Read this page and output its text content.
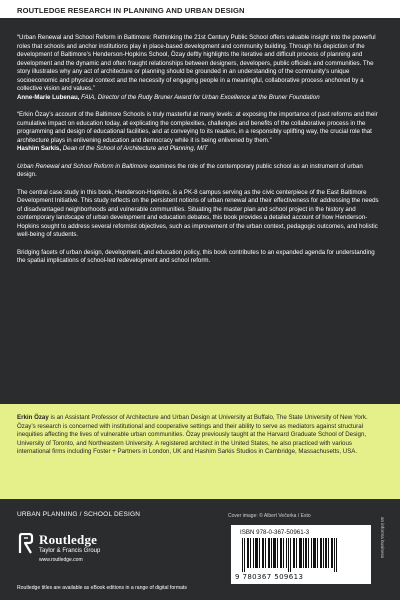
ROUTLEDGE RESEARCH IN PLANNING AND URBAN DESIGN

“Urban Renewal and School Reform in Baltimore: Rethinking the 21st Century Public School offers valuable insight into the powerful roles that schools and anchor institutions play in place-based development and community building. Through his depiction of the development of Baltimore’s Henderson-Hopkins School, Özay deftly highlights the iterative and difficult process of planning and development and the dynamic and often fraught relationships between designers, developers, public officials and communities. The story illustrates why any act of architecture or planning should be grounded in an understanding of the community’s unique socioeconomic and physical context and the necessity of engaging people in a meaningful, collaborative process anchored by a collective vision and values.”

Anne-Marie Lubenau, FAIA, Director of the Rudy Bruner Award for Urban Excellence at the Bruner Foundation

“Erkin Özay’s account of the Baltimore Schools is truly masterful at many levels: at exposing the importance of past reforms and their cumulative impact on education today, at explicating the complexities, challenges and benefits of the collaborative process in the programming and design of educational facilities, and at conveying to its readers, in a responsibly uplifting way, the crucial role that architecture plays in enlivening education and democracy while it is being enlivened by them.”

Hashim Sarkis, Dean of the School of Architecture and Planning, MIT

Urban Renewal and School Reform in Baltimore examines the role of the contemporary public school as an instrument of urban design.

The central case study in this book, Henderson-Hopkins, is a PK-8 campus serving as the civic centerpiece of the East Baltimore Development Initiative. This study reflects on the persistent notions of urban renewal and their effectiveness for addressing the needs of disadvantaged neighborhoods and vulnerable communities. Situating the master plan and school project in the history and contemporary landscape of urban development and education debates, this book provides a detailed account of how Henderson-Hopkins sought to address several reformist objectives, such as improvement of the urban context, pedagogic outcomes, and holistic well-being of students.

Bridging facets of urban design, development, and education policy, this book contributes to an expanded agenda for understanding the spatial implications of school-led redevelopment and school reform.

Erkin Özay is an Assistant Professor of Architecture and Urban Design at University at Buffalo, The State University of New York. Özay’s research is concerned with institutional and cooperative settings and their ability to serve as mediators against structural inequities affecting the lives of vulnerable urban communities. Özay previously taught at the Harvard Graduate School of Design, University of Toronto, and Northeastern University. A registered architect in the United States, he also practiced with various international firms including Foster + Partners in London, UK and Hashim Sarkis Studios in Cambridge, Massachusetts, USA.

URBAN PLANNING / SCHOOL DESIGN	Cover image: © Albert Večerka / Esto
Routledge
Taylor & Francis Group
www.routledge.com
Routledge titles are available as eBook editions in a range of digital formats
ISBN 978-0-367-50961-3
9 780367 509613
an informa business
